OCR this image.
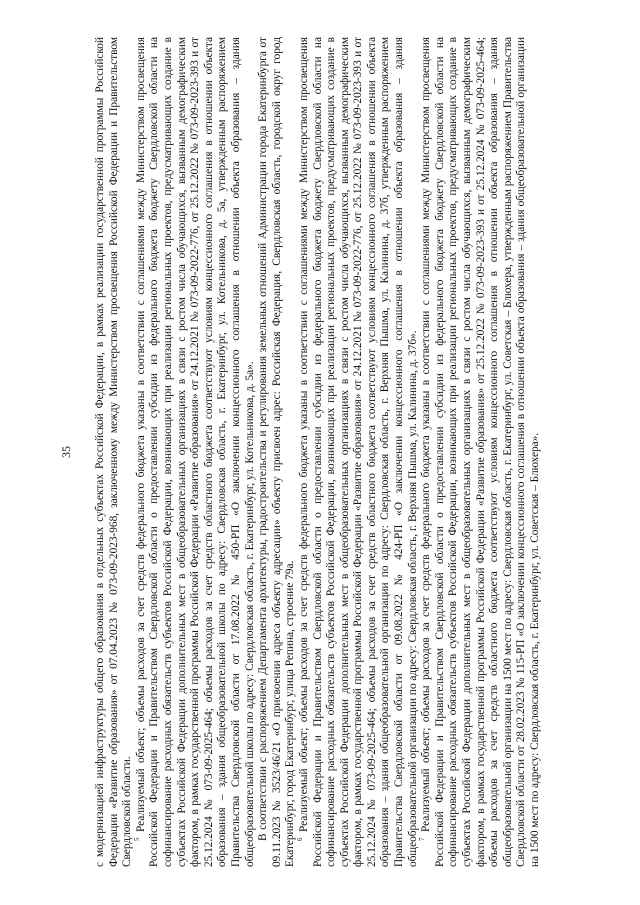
35 с модернизацией инфраструктуры общего образования в отдельных субъектах Российской Федерации, в рамках реализации государственной программы Российской Федерации «Развитие образования» от 07.04.2023 № 073-09-2023-968, заключенному между Министерством просвещения Российской Федерации и Правительством Свердловской области. $^5$ Реализуемый объект; объемы расходов за счет средств федерального бюджета указаны в соответствии с соглашениями между Министерством просвещения Российской Федерации и Правительством Свердловской области о предоставлении субсидии из федерального бюджета бюджету Свердловской области на софинансирование расходных обязательств субъектов Российской Федерации, возникающих при реализации региональных проектов, предусматривающих создание в субъектах Российской Федерации дополнительных мест в общеобразовательных организациях в связи с ростом числа обучающихся, вызванным демографическим фактором, в рамках государственной программы Российской Федерации «Развитие образования» от 24.12.2021 № 073-09-2022-776, от 25.12.2022 № 073-09-2023-393 и от 25.12.2024 № 073-09-2025-464; объемы расходов за счет средств областного бюджета соответствуют условиям концессионного соглашения в отношении объекта образования – здания общеобразовательной школы по адресу: Свердловская область, г. Екатеринбург, ул. Котельникова, д. 5а, утвержденным распоряжением Правительства Свердловской области от 17.08.2022 № 450-РП «О заключении концессионного соглашения в отношении объекта образования – здания общеобразовательной школы по адресу: Свердловская область, г. Екатеринбург, ул. Котельникова, д. 5а». В соответствии с распоряжением Департамента архитектуры, градостроительства и регулирования земельных отношений Администрации города Екатеринбурга от 09.11.2023 № 3523/46/21 «О присвоении адреса объекту адресации» объекту присвоен адрес: Российская Федерация, Свердловская область, городской округ город Екатеринбург, город Екатеринбург, улица Репина, строение 79а. $^6$ Реализуемый объект; объемы расходов за счет средств федерального бюджета указаны в соответствии с соглашениями между Министерством просвещения Российской Федерации и Правительством Свердловской области о предоставлении субсидии из федерального бюджета бюджету Свердловской области на софинансирование расходных обязательств субъектов Российской Федерации, возникающих при реализации региональных проектов, предусматривающих создание в субъектах Российской Федерации дополнительных мест в общеобразовательных организациях в связи с ростом числа обучающихся, вызванным демографическим фактором, в рамках государственной программы Российской Федерации «Развитие образования» от 24.12.2021 № 073-09-2022-776, от 25.12.2022 № 073-09-2023-393 и от 25.12.2024 № 073-09-2025-464; объемы расходов за счет средств областного бюджета соответствуют условиям концессионного соглашения в отношении объекта образования – здания общеобразовательной организации по адресу: Свердловская область, г. Верхняя Пышма, ул. Калинина, д. 37б, утвержденным распоряжением Правительства Свердловской области от 09.08.2022 № 424-РП «О заключении концессионного соглашения в отношении объекта образования – здания общеобразовательной организации по адресу: Свердловская область, г. Верхняя Пышма, ул. Калинина, д. 37б». $^7$ Реализуемый объект; объемы расходов за счет средств федерального бюджета указаны в соответствии с соглашениями между Министерством просвещения Российской Федерации и Правительством Свердловской области о предоставлении субсидии из федерального бюджета бюджету Свердловской области на софинансирование расходных обязательств субъектов Российской Федерации, возникающих при реализации региональных проектов, предусматривающих создание в субъектах Российской Федерации дополнительных мест в общеобразовательных организациях в связи с ростом числа обучающихся, вызванным демографическим фактором, в рамках государственной программы Российской Федерации «Развитие образования» от 25.12.2022 № 073-09-2023-393 и от 25.12.2024 № 073-09-2025-464; объемы расходов за счет средств областного бюджета соответствуют условиям концессионного соглашения в отношении объекта образования – здания общеобразовательной организации на 1500 мест по адресу: Свердловская область, г. Екатеринбург, ул. Советская – Блюхера, утвержденным распоряжением Правительства Свердловской области от 28.02.2023 № 115-РП «О заключении концессионного соглашения в отношении объекта образования – здания общеобразовательной организации на 1500 мест по адресу: Свердловская область, г. Екатеринбург, ул. Советская – Блюхера».
